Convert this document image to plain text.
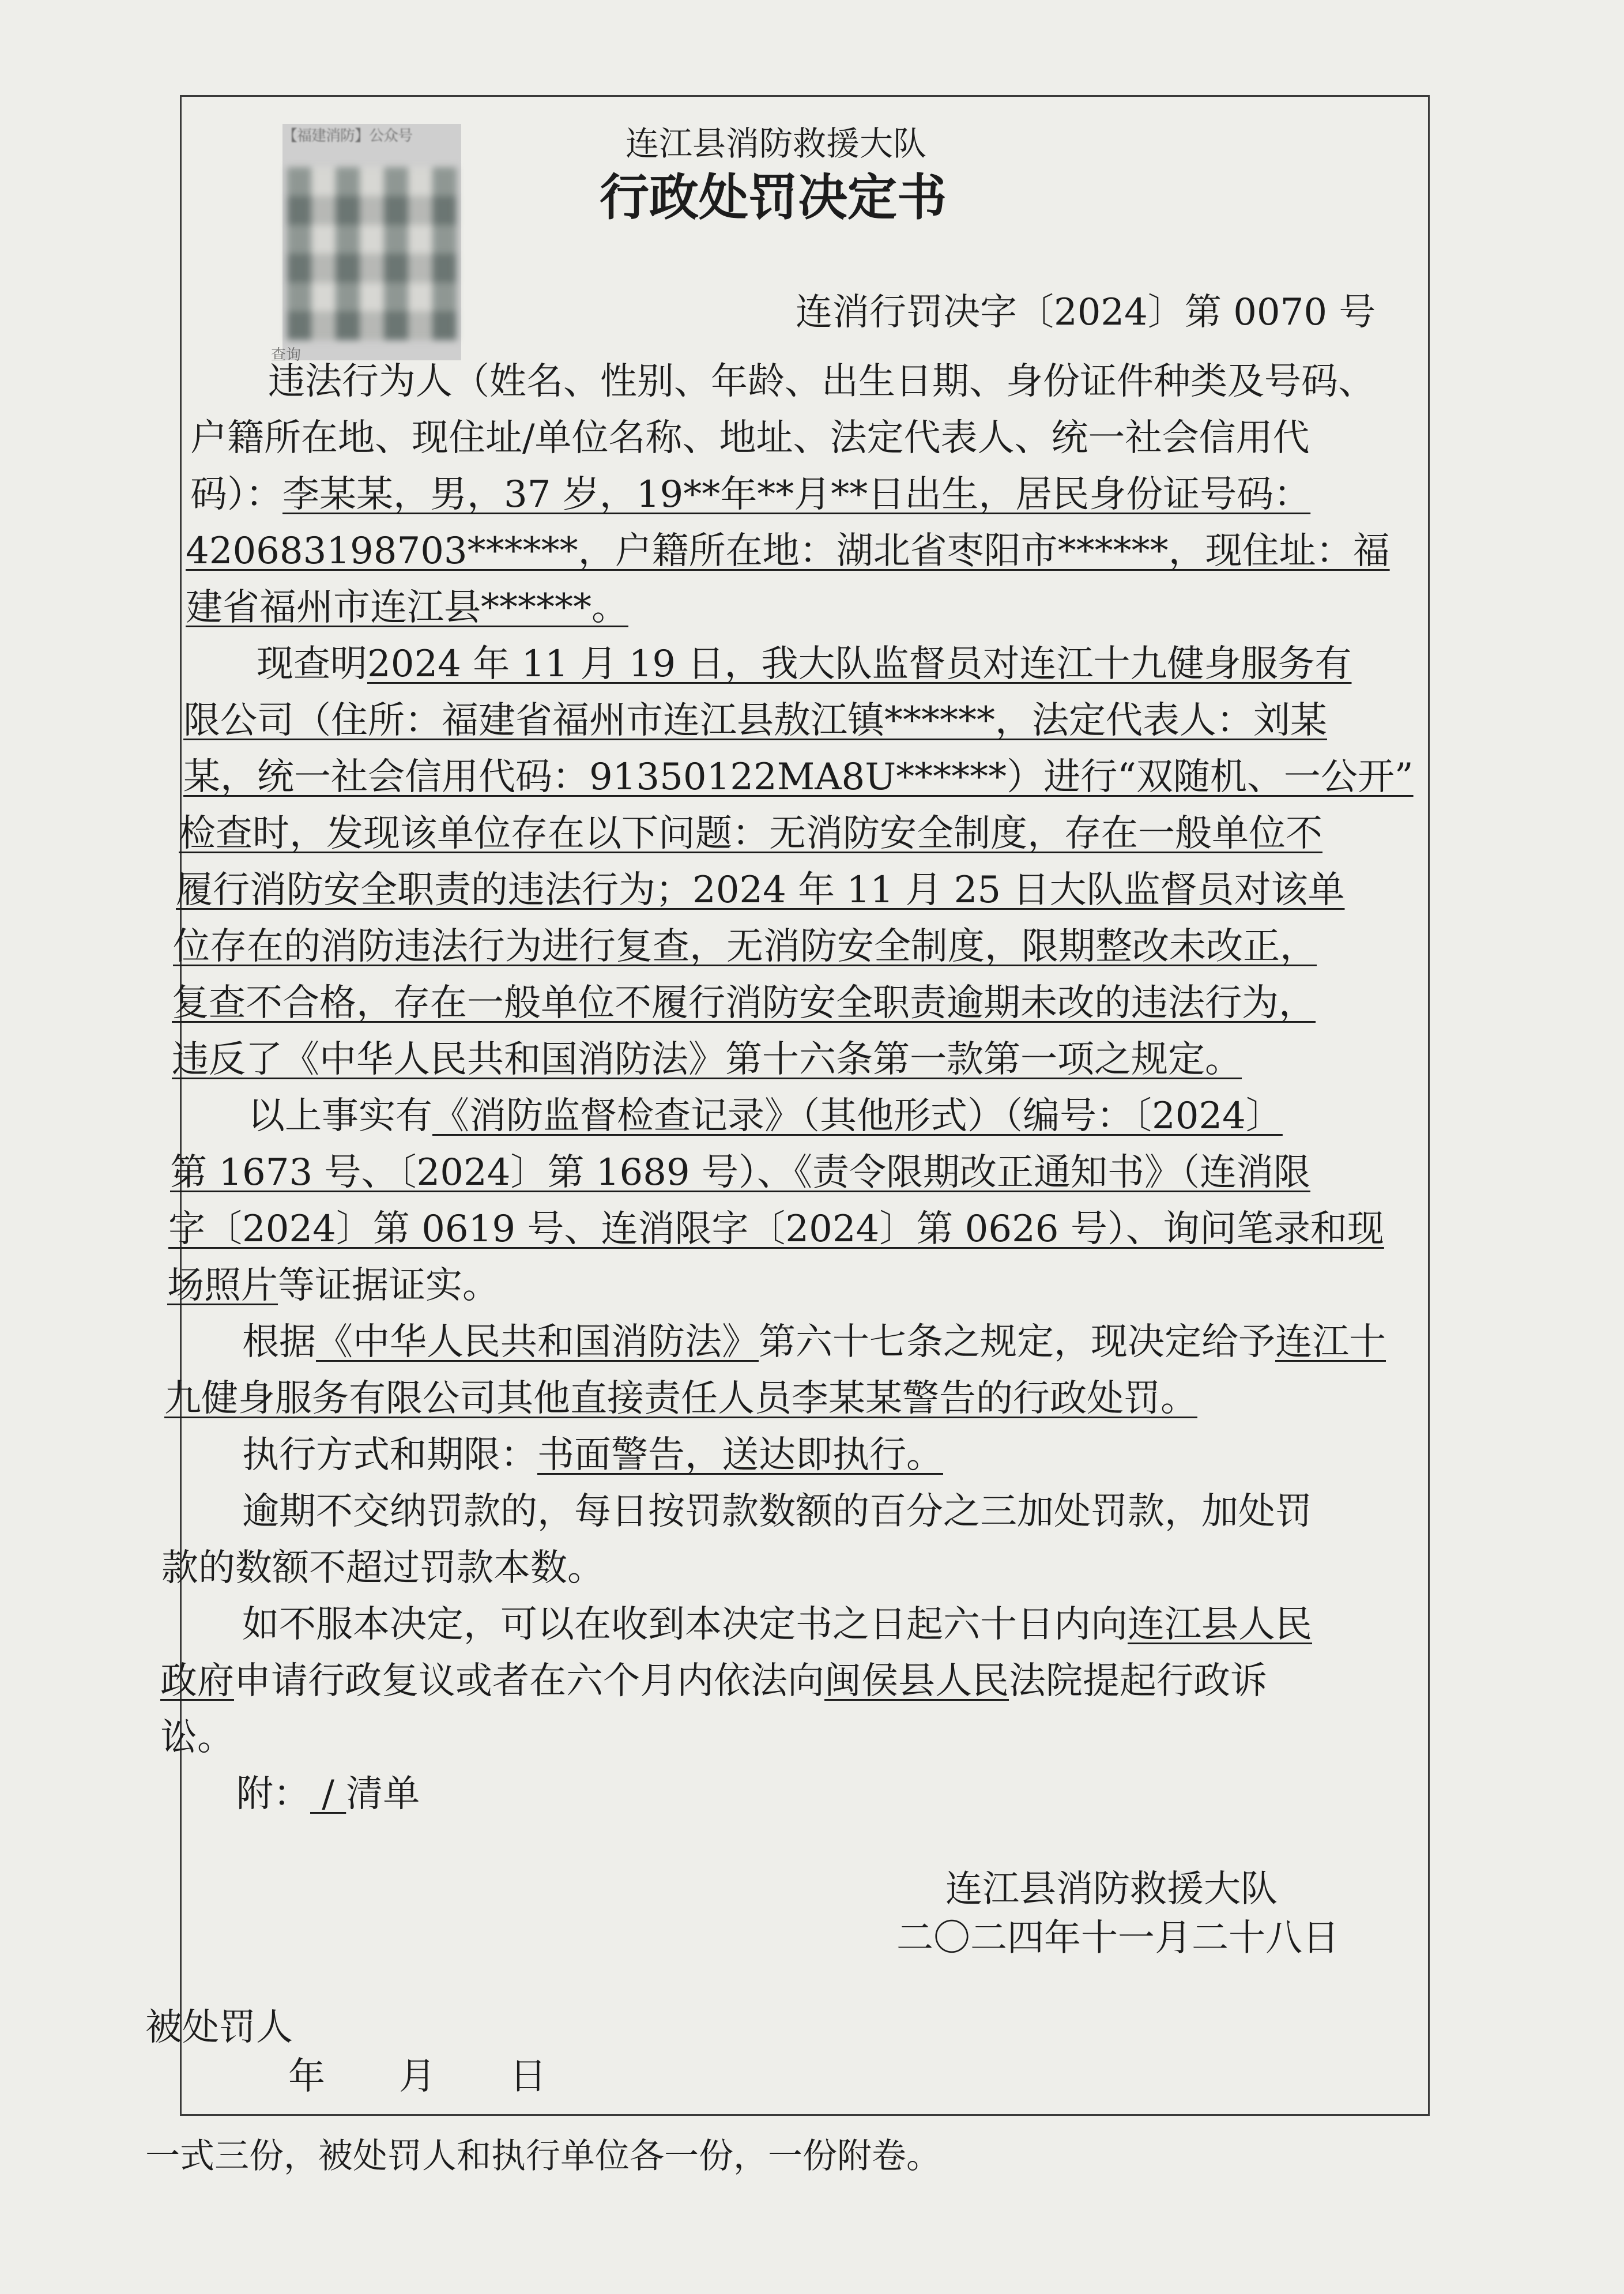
【福建消防】公众号
查询
连江县消防救援大队
行政处罚决定书
连消行罚决字〔2024〕第 0070 号
违法行为人（姓名、性别、年龄、出生日期、身份证件种类及号码、
户籍所在地、现住址/单位名称、地址、法定代表人、统一社会信用代
码）：李某某，男，37 岁，19**年**月**日出生，居民身份证号码：
420683198703******，户籍所在地：湖北省枣阳市******，现住址：福
建省福州市连江县******。
现查明2024 年 11 月 19 日，我大队监督员对连江十九健身服务有
限公司（住所：福建省福州市连江县敖江镇******，法定代表人：刘某
某，统一社会信用代码：91350122MA8U******）进行“双随机、一公开”
检查时，发现该单位存在以下问题：无消防安全制度，存在一般单位不
履行消防安全职责的违法行为；2024 年 11 月 25 日大队监督员对该单
位存在的消防违法行为进行复查，无消防安全制度，限期整改未改正，
复查不合格，存在一般单位不履行消防安全职责逾期未改的违法行为，
违反了《中华人民共和国消防法》第十六条第一款第一项之规定。
以上事实有《消防监督检查记录》（其他形式）（编号：〔2024〕
第 1673 号、〔2024〕第 1689 号）、《责令限期改正通知书》（连消限
字〔2024〕第 0619 号、连消限字〔2024〕第 0626 号）、询问笔录和现
场照片等证据证实。
根据《中华人民共和国消防法》第六十七条之规定，现决定给予连江十
九健身服务有限公司其他直接责任人员李某某警告的行政处罚。
执行方式和期限：书面警告，送达即执行。
逾期不交纳罚款的，每日按罚款数额的百分之三加处罚款，加处罚
款的数额不超过罚款本数。
如不服本决定，可以在收到本决定书之日起六十日内向连江县人民
政府申请行政复议或者在六个月内依法向闽侯县人民法院提起行政诉
讼。
附： / 清单
连江县消防救援大队
二〇二四年十一月二十八日
被处罚人
年　　月　　日
一式三份，被处罚人和执行单位各一份，一份附卷。
